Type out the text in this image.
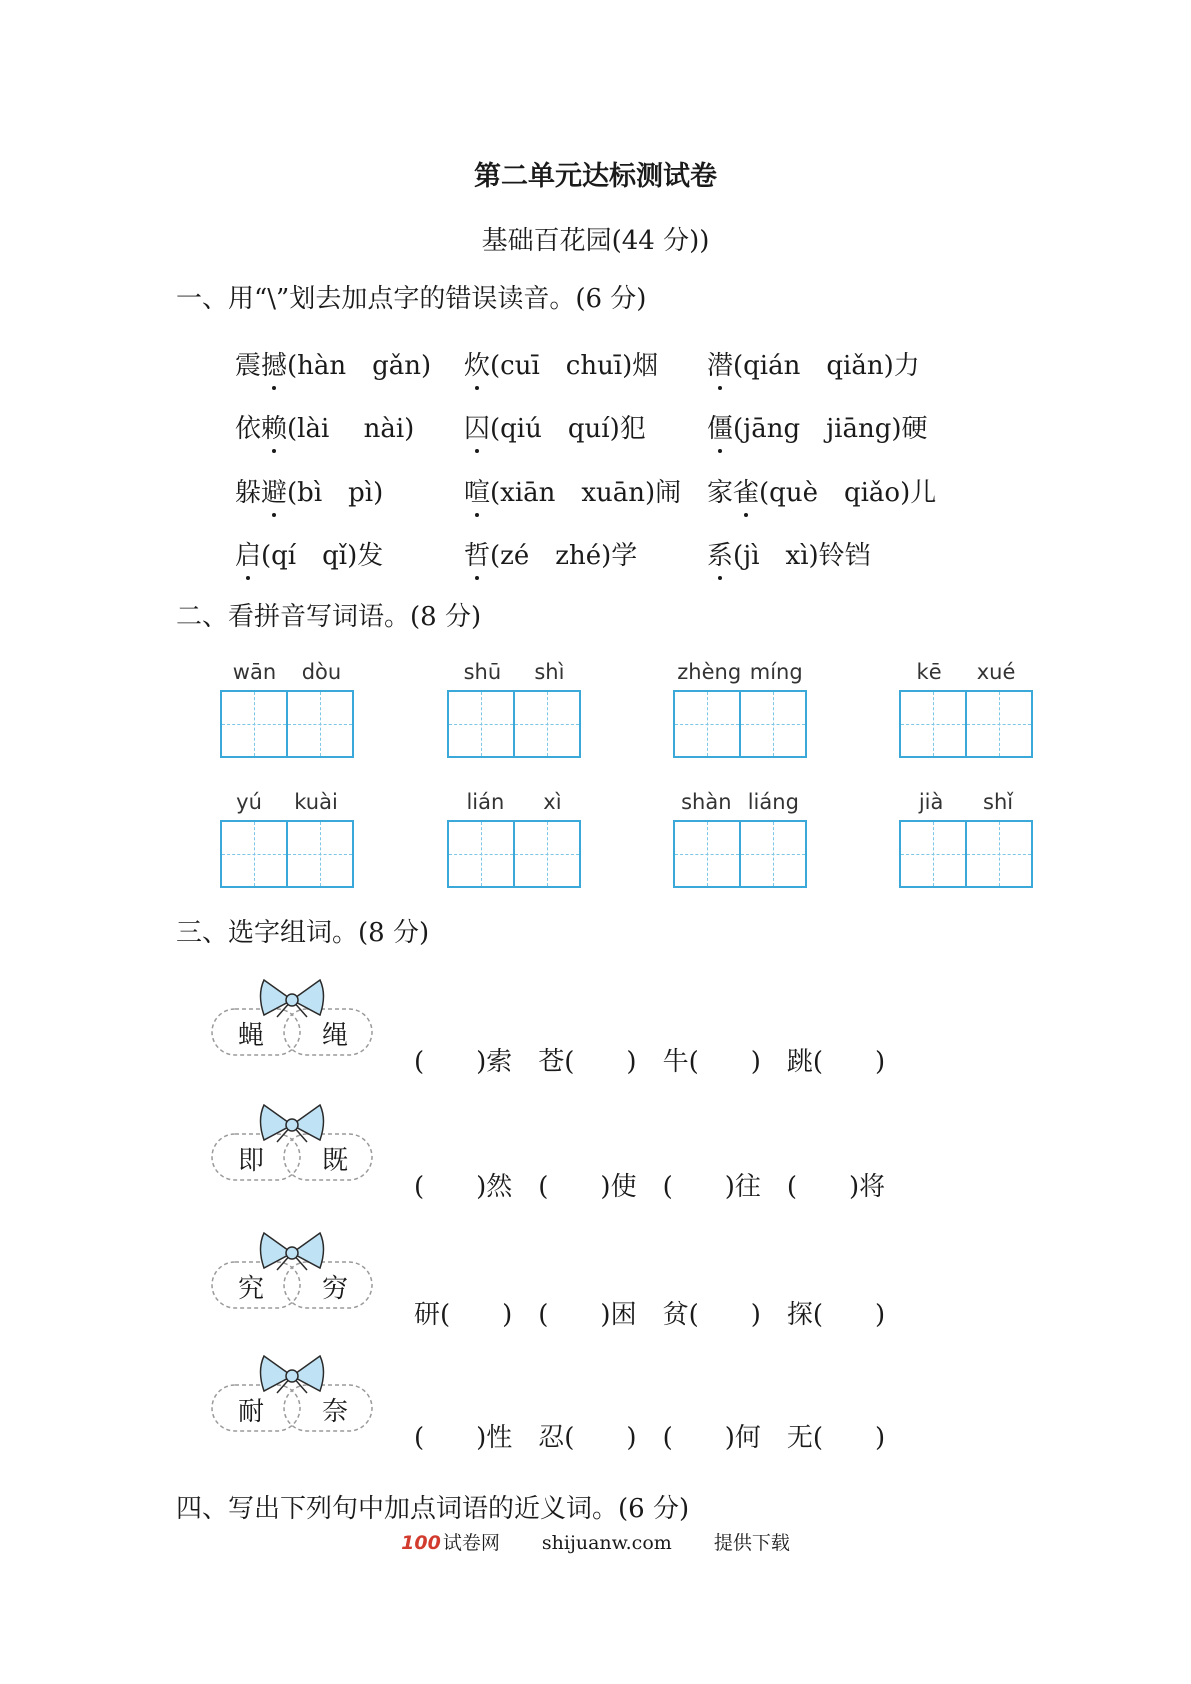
第二单元达标测试卷
基础百花园(44 分))
一、用“\”划去加点字的错误读音。(6 分)
震撼(hàn　gǎn) 炊(cuī　chuī)烟 潜(qián　qiǎn)力
依赖(lài　 nài) 囚(qiú　quí)犯 僵(jāng　jiāng)硬
躲避(bì　pì)	喧(xiān　xuān)闹 家雀(què　qiǎo)儿
启(qí　qǐ)发	哲(zé　zhé)学	系(jì　xì)铃铛
二、看拼音写词语。(8 分)
wān dòu	shū shì	zhèng míng	kē xué
yú kuài	lián xì	shàn liáng	jià shǐ
三、选字组词。(8 分)
蝇 绳
(　　)索　苍(　　)　牛(　　)　跳(　　)
即 既
(　　)然　(　　)使　(　　)往　(　　)将
究 穷
研(　　)　(　　)困　贫(　　)　探(　　)
耐 奈
(　　)性　忍(　　)　(　　)何　无(　　)
四、写出下列句中加点词语的近义词。(6 分)
100 试卷网 shijuanw.com 提供下载
